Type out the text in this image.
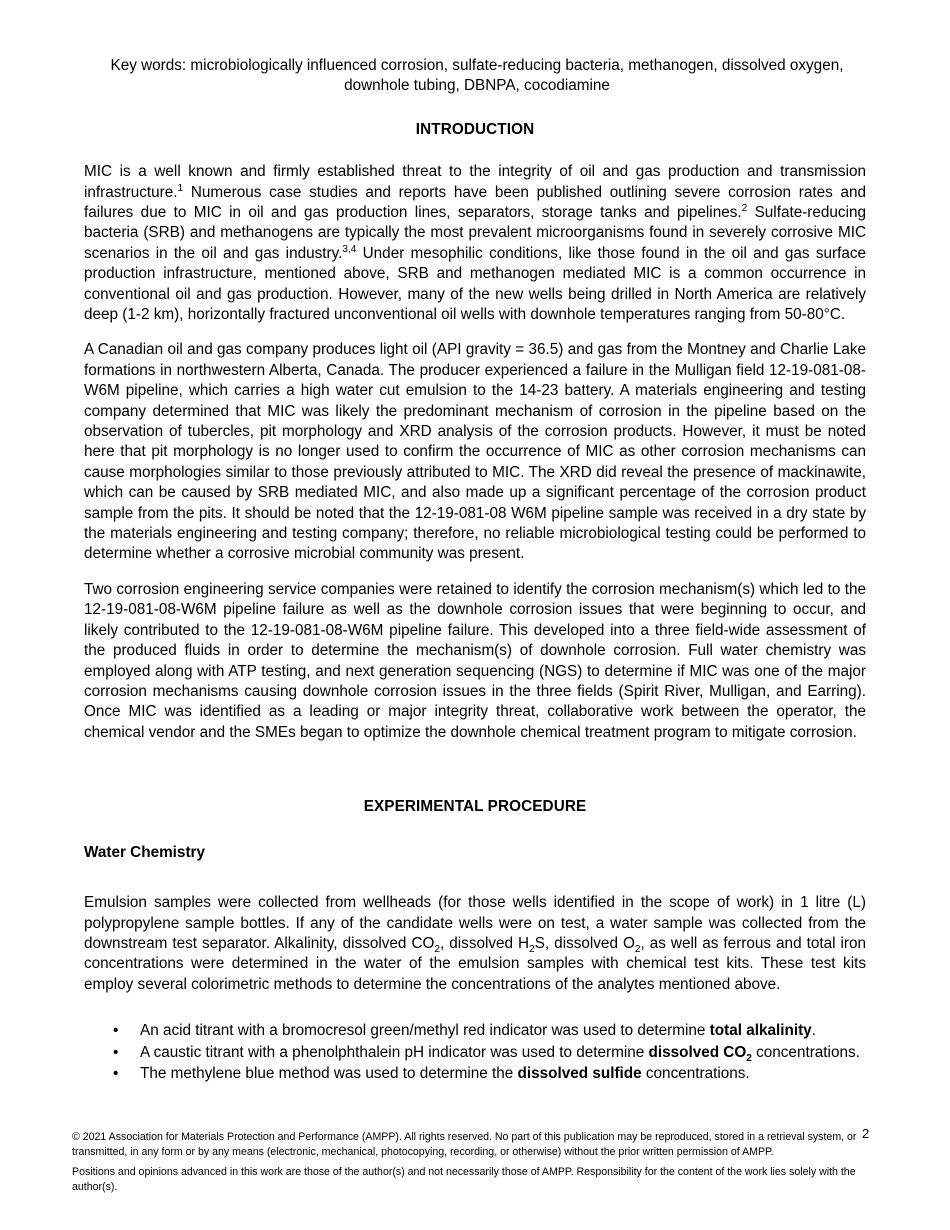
Key words: microbiologically influenced corrosion, sulfate-reducing bacteria, methanogen, dissolved oxygen, downhole tubing, DBNPA, cocodiamine
INTRODUCTION

MIC is a well known and firmly established threat to the integrity of oil and gas production and transmission infrastructure.$^1$ Numerous case studies and reports have been published outlining severe corrosion rates and failures due to MIC in oil and gas production lines, separators, storage tanks and pipelines.$^2$ Sulfate-reducing bacteria (SRB) and methanogens are typically the most prevalent microorganisms found in severely corrosive MIC scenarios in the oil and gas industry.$^{3,4}$ Under mesophilic conditions, like those found in the oil and gas surface production infrastructure, mentioned above, SRB and methanogen mediated MIC is a common occurrence in conventional oil and gas production. However, many of the new wells being drilled in North America are relatively deep (1-2 km), horizontally fractured unconventional oil wells with downhole temperatures ranging from 50-80°C.

A Canadian oil and gas company produces light oil (API gravity = 36.5) and gas from the Montney and Charlie Lake formations in northwestern Alberta, Canada. The producer experienced a failure in the Mulligan field 12-19-081-08-W6M pipeline, which carries a high water cut emulsion to the 14-23 battery. A materials engineering and testing company determined that MIC was likely the predominant mechanism of corrosion in the pipeline based on the observation of tubercles, pit morphology and XRD analysis of the corrosion products. However, it must be noted here that pit morphology is no longer used to confirm the occurrence of MIC as other corrosion mechanisms can cause morphologies similar to those previously attributed to MIC. The XRD did reveal the presence of mackinawite, which can be caused by SRB mediated MIC, and also made up a significant percentage of the corrosion product sample from the pits. It should be noted that the 12-19-081-08 W6M pipeline sample was received in a dry state by the materials engineering and testing company; therefore, no reliable microbiological testing could be performed to determine whether a corrosive microbial community was present.

Two corrosion engineering service companies were retained to identify the corrosion mechanism(s) which led to the 12-19-081-08-W6M pipeline failure as well as the downhole corrosion issues that were beginning to occur, and likely contributed to the 12-19-081-08-W6M pipeline failure. This developed into a three field-wide assessment of the produced fluids in order to determine the mechanism(s) of downhole corrosion. Full water chemistry was employed along with ATP testing, and next generation sequencing (NGS) to determine if MIC was one of the major corrosion mechanisms causing downhole corrosion issues in the three fields (Spirit River, Mulligan, and Earring). Once MIC was identified as a leading or major integrity threat, collaborative work between the operator, the chemical vendor and the SMEs began to optimize the downhole chemical treatment program to mitigate corrosion.

EXPERIMENTAL PROCEDURE
Water Chemistry

Emulsion samples were collected from wellheads (for those wells identified in the scope of work) in 1 litre (L) polypropylene sample bottles. If any of the candidate wells were on test, a water sample was collected from the downstream test separator. Alkalinity, dissolved $CO_2$, dissolved $H_2S$, dissolved $O_2$, as well as ferrous and total iron concentrations were determined in the water of the emulsion samples with chemical test kits. These test kits employ several colorimetric methods to determine the concentrations of the analytes mentioned above.

• An acid titrant with a bromocresol green/methyl red indicator was used to determine total alkalinity.
• A caustic titrant with a phenolphthalein pH indicator was used to determine dissolved $CO_2$ concentrations.
• The methylene blue method was used to determine the dissolved sulfide concentrations.
© 2021 Association for Materials Protection and Performance (AMPP). All rights reserved. No part of this publication may be reproduced, stored in a retrieval system, or transmitted, in any form or by any means (electronic, mechanical, photocopying, recording, or otherwise) without the prior written permission of AMPP.
Positions and opinions advanced in this work are those of the author(s) and not necessarily those of AMPP. Responsibility for the content of the work lies solely with the author(s).
2
